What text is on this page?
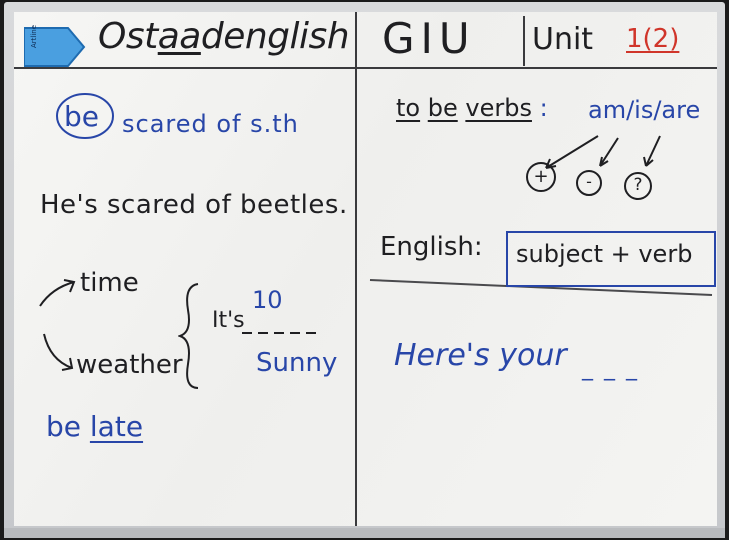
Artline Ostaadenglish GIU Unit 1(2)
be scared of s.th
He's scared of beetles.
time
weather
It's
10
Sunny
be late
to be verbs : am/is/are
+	-	?
English: subject + verb
Here's your _ _ _
